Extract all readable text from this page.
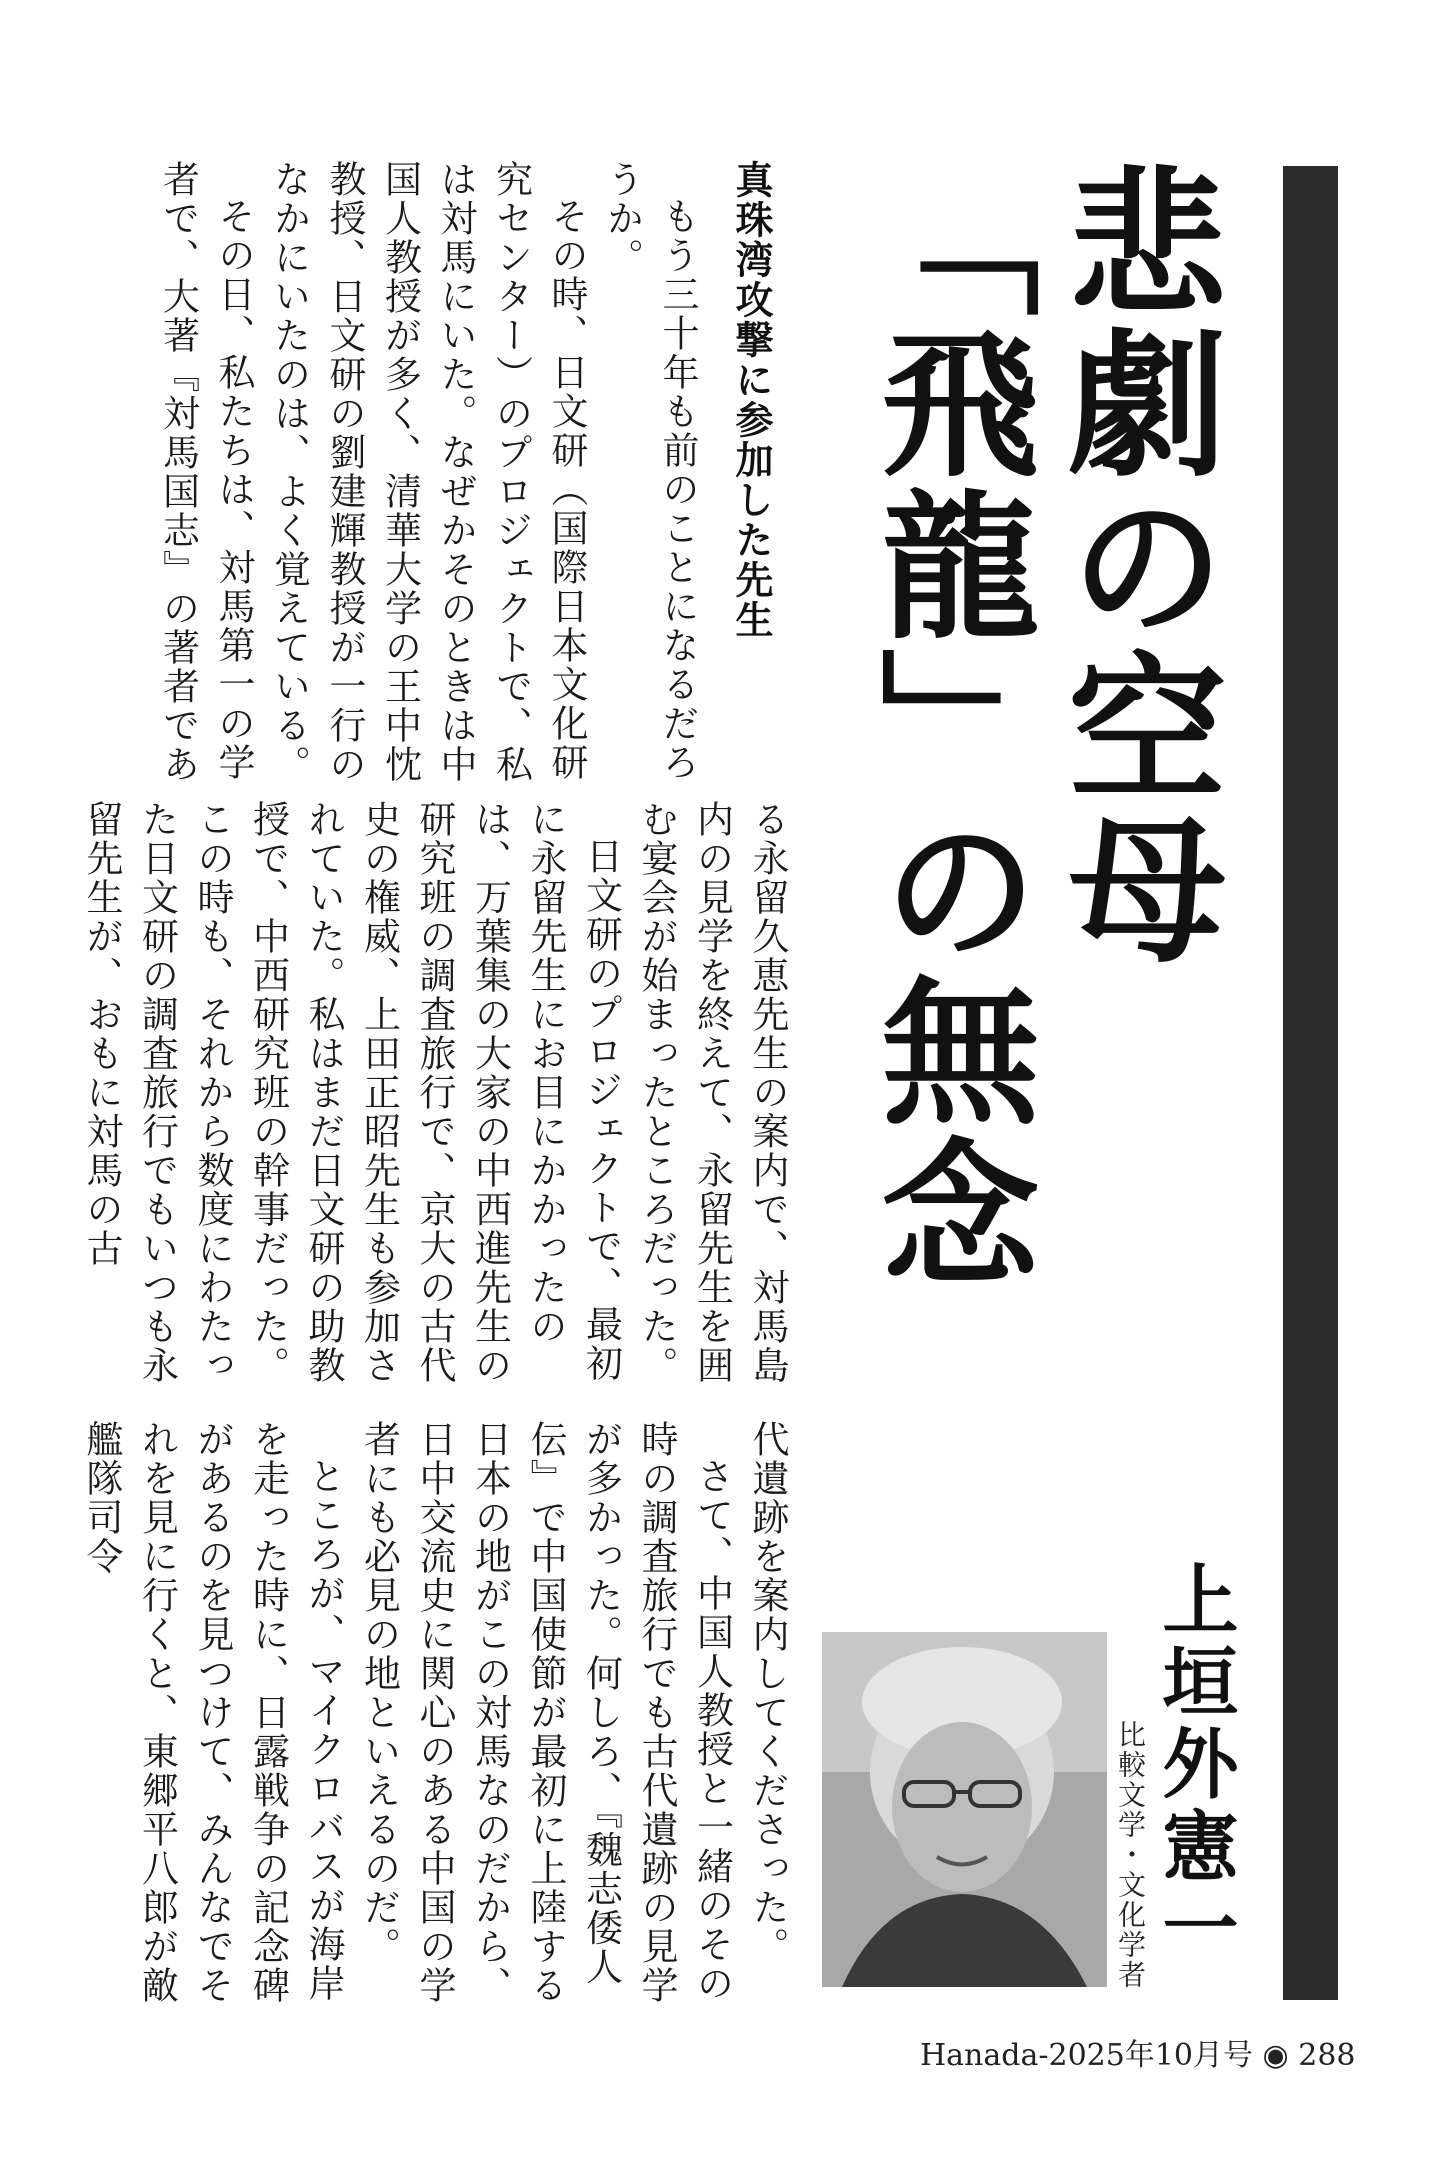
悲劇の空母
「飛龍」の無念
真珠湾攻撃に参加した先生

もう三十年も前のことになるだろうか。

その時、日文研（国際日本文化研究センター）のプロジェクトで、私は対馬にいた。なぜかそのときは中国人教授が多く、清華大学の王中忱教授、日文研の劉建輝教授が一行のなかにいたのは、よく覚えている。

その日、私たちは、対馬第一の学者で、大著『対馬国志』の著者であ

る永留久恵先生の案内で、対馬島内の見学を終えて、永留先生を囲む宴会が始まったところだった。

日文研のプロジェクトで、最初に永留先生にお目にかかったのは、万葉集の大家の中西進先生の研究班の調査旅行で、京大の古代史の権威、上田正昭先生も参加されていた。私はまだ日文研の助教授で、中西研究班の幹事だった。この時も、それから数度にわたった日文研の調査旅行でもいつも永留先生が、おもに対馬の古

代遺跡を案内してくださった。

さて、中国人教授と一緒のその時の調査旅行でも古代遺跡の見学が多かった。何しろ、『魏志倭人伝』で中国使節が最初に上陸する日本の地がこの対馬なのだから、日中交流史に関心のある中国の学者にも必見の地といえるのだ。

ところが、マイクロバスが海岸を走った時に、日露戦争の記念碑があるのを見つけて、みんなでそれを見に行くと、東郷平八郎が敵艦隊司令

上垣外憲一
比較文学・文化学者
Hanada-2025年10月号 ◉ 288
